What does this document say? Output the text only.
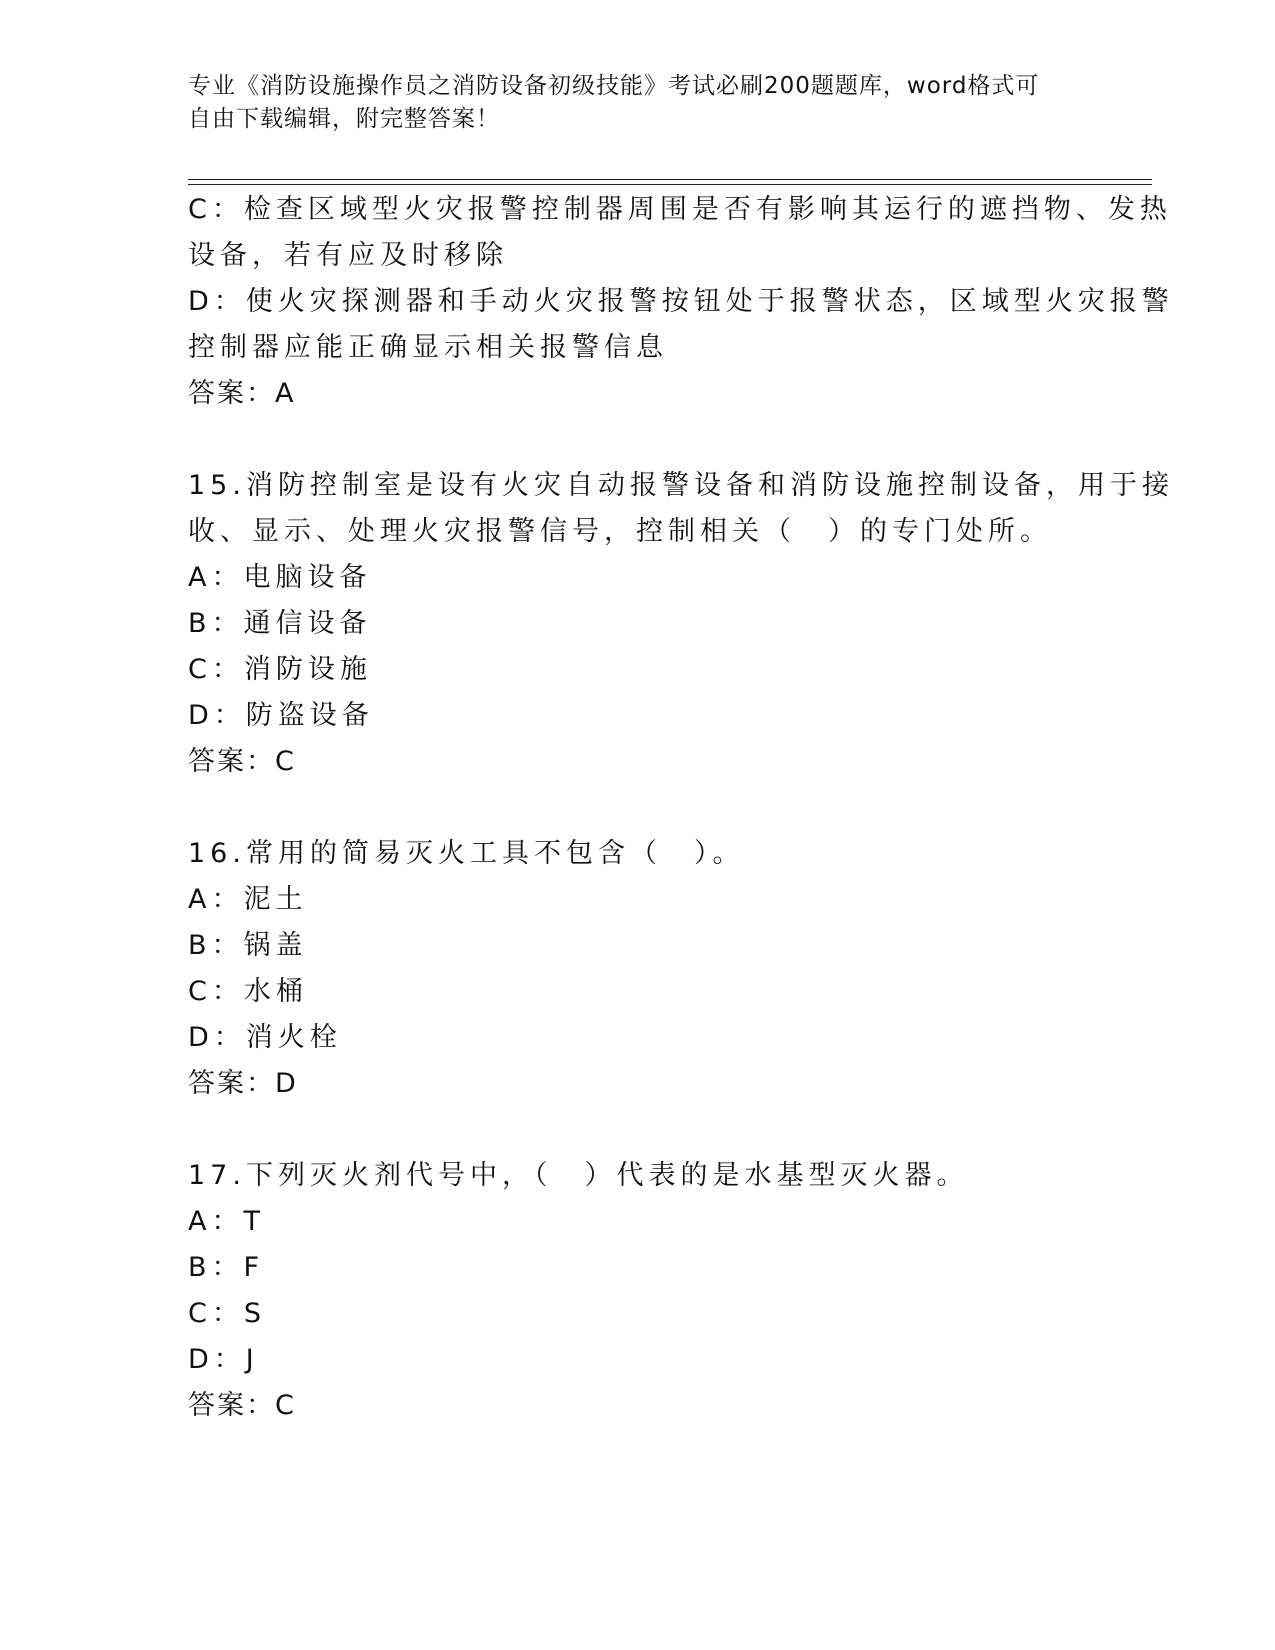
专业《消防设施操作员之消防设备初级技能》考试必刷200题题库，word格式可
自由下载编辑，附完整答案！
C：检查区域型火灾报警控制器周围是否有影响其运行的遮挡物、发热
设备，若有应及时移除
D：使火灾探测器和手动火灾报警按钮处于报警状态，区域型火灾报警
控制器应能正确显示相关报警信息
答案：A
15.消防控制室是设有火灾自动报警设备和消防设施控制设备，用于接
收、显示、处理火灾报警信号，控制相关（　）的专门处所。
A：电脑设备
B：通信设备
C：消防设施
D：防盗设备
答案：C
16.常用的简易灭火工具不包含（　）。
A：泥土
B：锅盖
C：水桶
D：消火栓
答案：D
17.下列灭火剂代号中，（　）代表的是水基型灭火器。
A：T
B：F
C：S
D：J
答案：C
